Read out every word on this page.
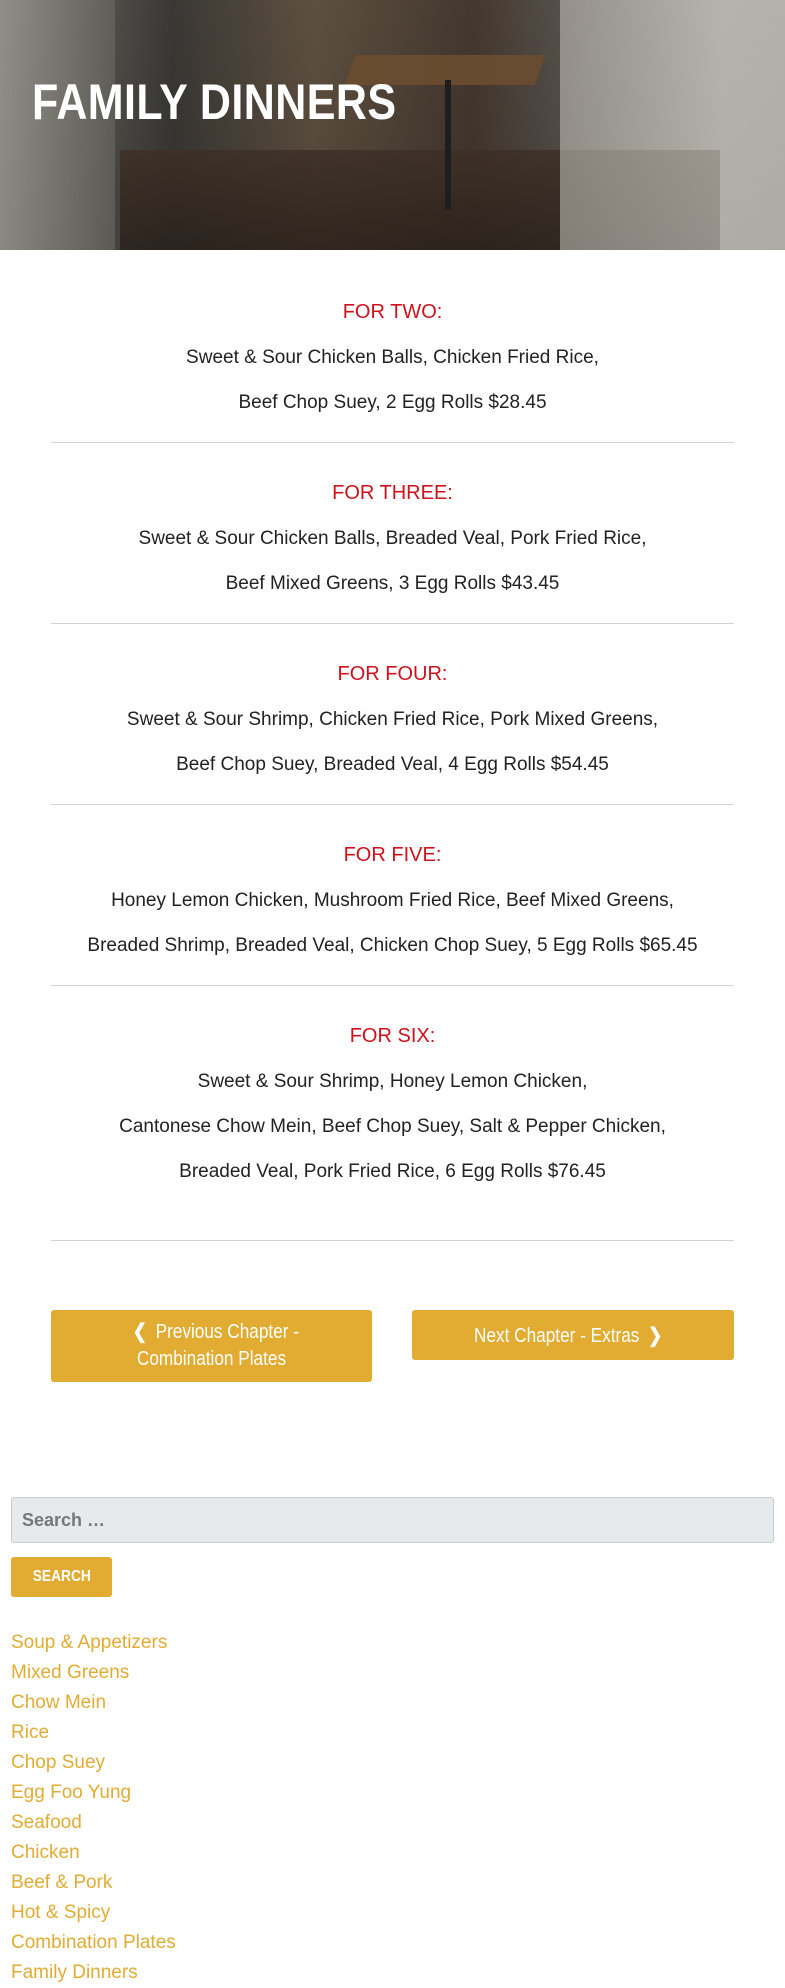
FAMILY DINNERS
FOR TWO:
Sweet & Sour Chicken Balls, Chicken Fried Rice,
Beef Chop Suey, 2 Egg Rolls $28.45
FOR THREE:
Sweet & Sour Chicken Balls, Breaded Veal, Pork Fried Rice,
Beef Mixed Greens, 3 Egg Rolls $43.45
FOR FOUR:
Sweet & Sour Shrimp, Chicken Fried Rice, Pork Mixed Greens,
Beef Chop Suey, Breaded Veal, 4 Egg Rolls $54.45
FOR FIVE:
Honey Lemon Chicken, Mushroom Fried Rice, Beef Mixed Greens,
Breaded Shrimp, Breaded Veal, Chicken Chop Suey, 5 Egg Rolls $65.45
FOR SIX:
Sweet & Sour Shrimp, Honey Lemon Chicken,
Cantonese Chow Mein, Beef Chop Suey, Salt & Pepper Chicken,
Breaded Veal, Pork Fried Rice, 6 Egg Rolls $76.45
❮ Previous Chapter - Combination Plates
Next Chapter - Extras ❯
Search …
SEARCH
Soup & Appetizers
Mixed Greens
Chow Mein
Rice
Chop Suey
Egg Foo Yung
Seafood
Chicken
Beef & Pork
Hot & Spicy
Combination Plates
Family Dinners
